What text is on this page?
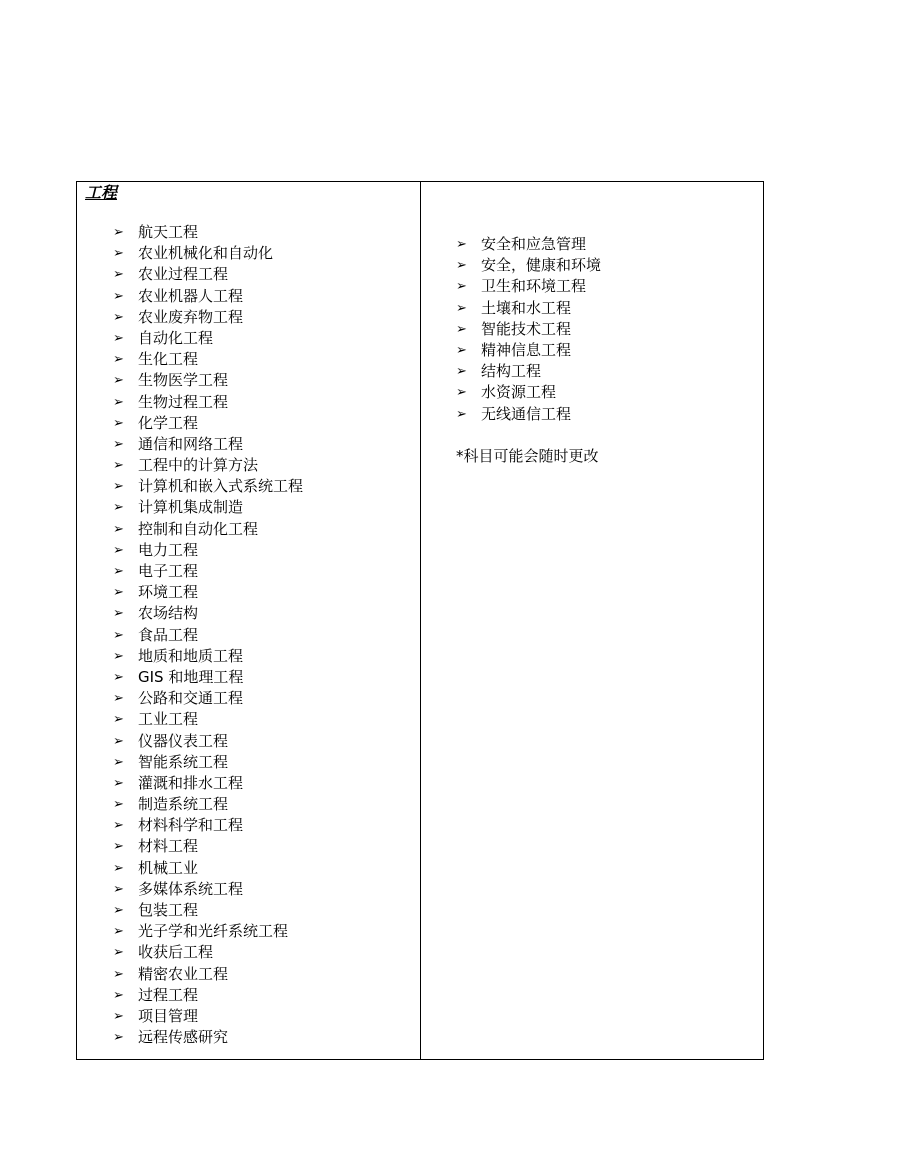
工程
➢ 航天工程
➢ 农业机械化和自动化
➢ 农业过程工程
➢ 农业机器人工程
➢ 农业废弃物工程
➢ 自动化工程
➢ 生化工程
➢ 生物医学工程
➢ 生物过程工程
➢ 化学工程
➢ 通信和网络工程
➢ 工程中的计算方法
➢ 计算机和嵌入式系统工程
➢ 计算机集成制造
➢ 控制和自动化工程
➢ 电力工程
➢ 电子工程
➢ 环境工程
➢ 农场结构
➢ 食品工程
➢ 地质和地质工程
➢ GIS 和地理工程
➢ 公路和交通工程
➢ 工业工程
➢ 仪器仪表工程
➢ 智能系统工程
➢ 灌溉和排水工程
➢ 制造系统工程
➢ 材料科学和工程
➢ 材料工程
➢ 机械工业
➢ 多媒体系统工程
➢ 包装工程
➢ 光子学和光纤系统工程
➢ 收获后工程
➢ 精密农业工程
➢ 过程工程
➢ 项目管理
➢ 远程传感研究
➢ 安全和应急管理
➢ 安全，健康和环境
➢ 卫生和环境工程
➢ 土壤和水工程
➢ 智能技术工程
➢ 精神信息工程
➢ 结构工程
➢ 水资源工程
➢ 无线通信工程
*科目可能会随时更改
